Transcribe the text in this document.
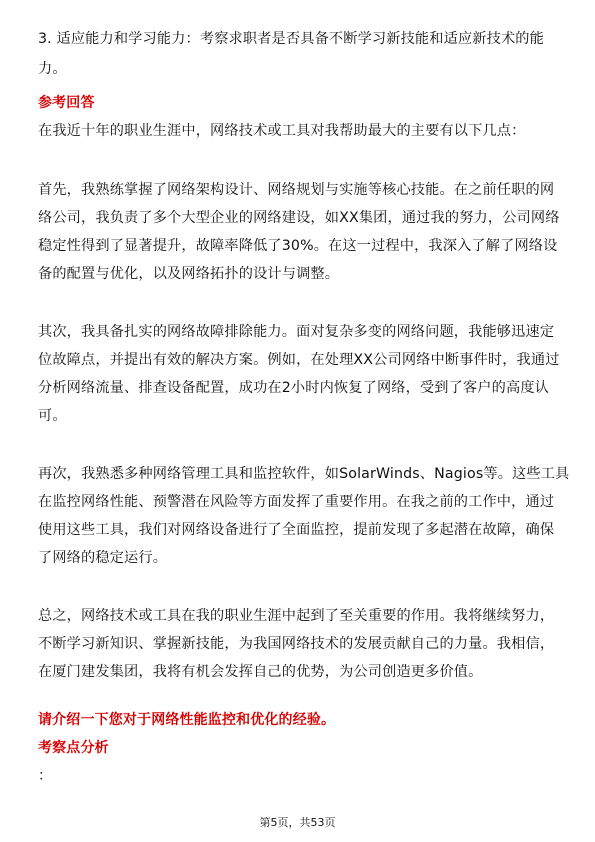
3. 适应能力和学习能力：考察求职者是否具备不断学习新技能和适应新技术的能
力。
参考回答
在我近十年的职业生涯中，网络技术或工具对我帮助最大的主要有以下几点：
首先，我熟练掌握了网络架构设计、网络规划与实施等核心技能。在之前任职的网
络公司，我负责了多个大型企业的网络建设，如XX集团，通过我的努力，公司网络
稳定性得到了显著提升，故障率降低了30%。在这一过程中，我深入了解了网络设
备的配置与优化，以及网络拓扑的设计与调整。
其次，我具备扎实的网络故障排除能力。面对复杂多变的网络问题，我能够迅速定
位故障点，并提出有效的解决方案。例如，在处理XX公司网络中断事件时，我通过
分析网络流量、排查设备配置，成功在2小时内恢复了网络，受到了客户的高度认
可。
再次，我熟悉多种网络管理工具和监控软件，如SolarWinds、Nagios等。这些工具
在监控网络性能、预警潜在风险等方面发挥了重要作用。在我之前的工作中，通过
使用这些工具，我们对网络设备进行了全面监控，提前发现了多起潜在故障，确保
了网络的稳定运行。
总之，网络技术或工具在我的职业生涯中起到了至关重要的作用。我将继续努力，
不断学习新知识、掌握新技能，为我国网络技术的发展贡献自己的力量。我相信，
在厦门建发集团，我将有机会发挥自己的优势，为公司创造更多价值。
请介绍一下您对于网络性能监控和优化的经验。
考察点分析
：
第5页，共53页
